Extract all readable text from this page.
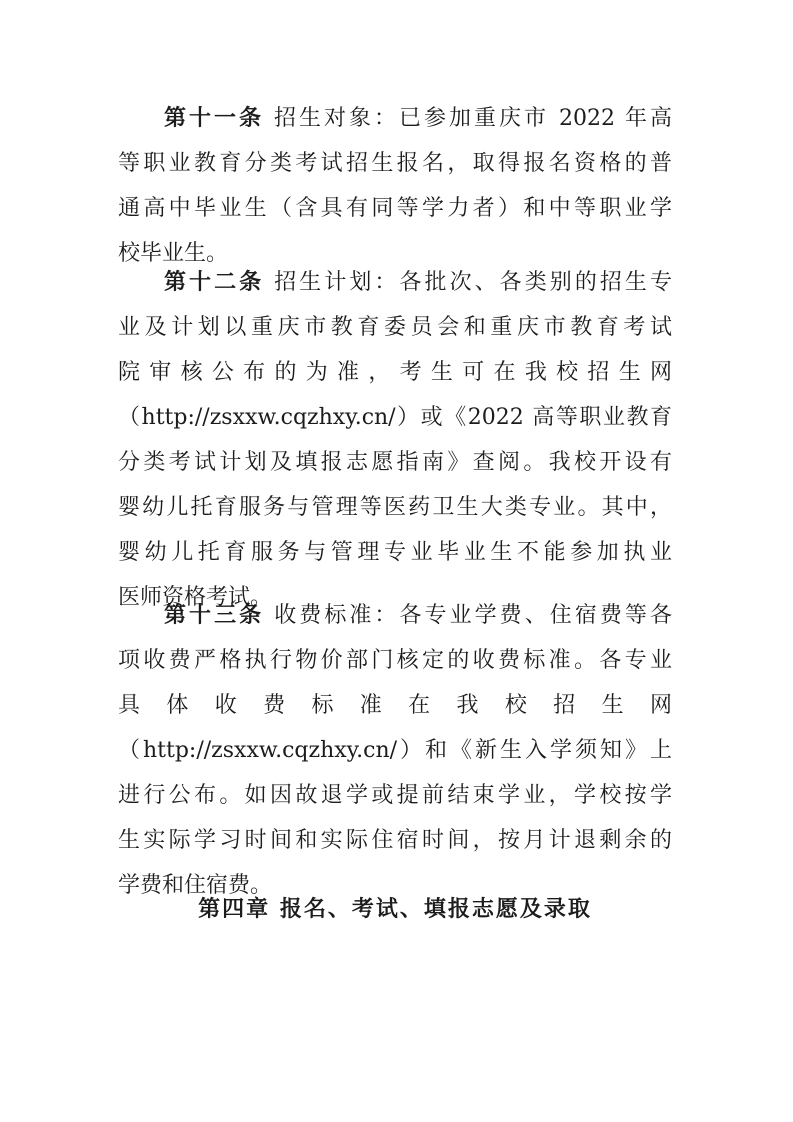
第十一条 招生对象：已参加重庆市 2022 年高
等职业教育分类考试招生报名，取得报名资格的普
通高中毕业生（含具有同等学力者）和中等职业学
校毕业生。
第十二条 招生计划：各批次、各类别的招生专
业及计划以重庆市教育委员会和重庆市教育考试
院审核公布的为准，考生可在我校招生网
（http://zsxxw.cqzhxy.cn/）或《2022 高等职业教育
分类考试计划及填报志愿指南》查阅。我校开设有
婴幼儿托育服务与管理等医药卫生大类专业。其中，
婴幼儿托育服务与管理专业毕业生不能参加执业
医师资格考试。
第十三条 收费标准：各专业学费、住宿费等各
项收费严格执行物价部门核定的收费标准。各专业
具体收费标准在我校招生网
（http://zsxxw.cqzhxy.cn/）和《新生入学须知》上
进行公布。如因故退学或提前结束学业，学校按学
生实际学习时间和实际住宿时间，按月计退剩余的
学费和住宿费。
第四章 报名、考试、填报志愿及录取
